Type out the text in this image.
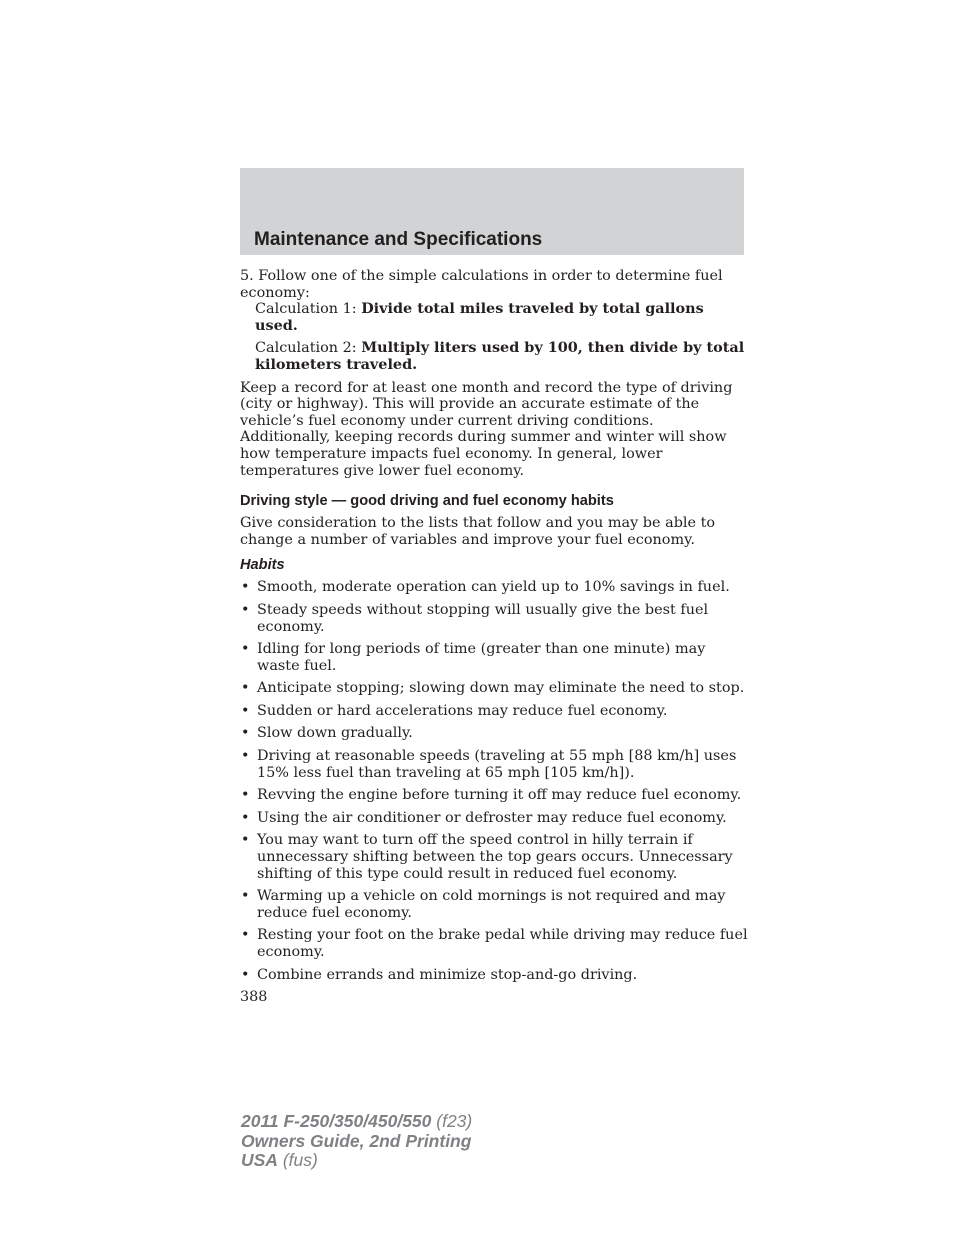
Maintenance and Specifications

5. Follow one of the simple calculations in order to determine fuel economy:

Calculation 1: Divide total miles traveled by total gallons used.

Calculation 2: Multiply liters used by 100, then divide by total kilometers traveled.

Keep a record for at least one month and record the type of driving (city or highway). This will provide an accurate estimate of the vehicle’s fuel economy under current driving conditions. Additionally, keeping records during summer and winter will show how temperature impacts fuel economy. In general, lower temperatures give lower fuel economy.

Driving style — good driving and fuel economy habits

Give consideration to the lists that follow and you may be able to change a number of variables and improve your fuel economy.

Habits
• Smooth, moderate operation can yield up to 10% savings in fuel.
• Steady speeds without stopping will usually give the best fuel economy.
• Idling for long periods of time (greater than one minute) may waste fuel.
• Anticipate stopping; slowing down may eliminate the need to stop.
• Sudden or hard accelerations may reduce fuel economy.
• Slow down gradually.
• Driving at reasonable speeds (traveling at 55 mph [88 km/h] uses 15% less fuel than traveling at 65 mph [105 km/h]).
• Revving the engine before turning it off may reduce fuel economy.
• Using the air conditioner or defroster may reduce fuel economy.
• You may want to turn off the speed control in hilly terrain if unnecessary shifting between the top gears occurs. Unnecessary shifting of this type could result in reduced fuel economy.
• Warming up a vehicle on cold mornings is not required and may reduce fuel economy.
• Resting your foot on the brake pedal while driving may reduce fuel economy.
• Combine errands and minimize stop-and-go driving.

388

2011 F-250/350/450/550 (f23)
Owners Guide, 2nd Printing
USA (fus)
